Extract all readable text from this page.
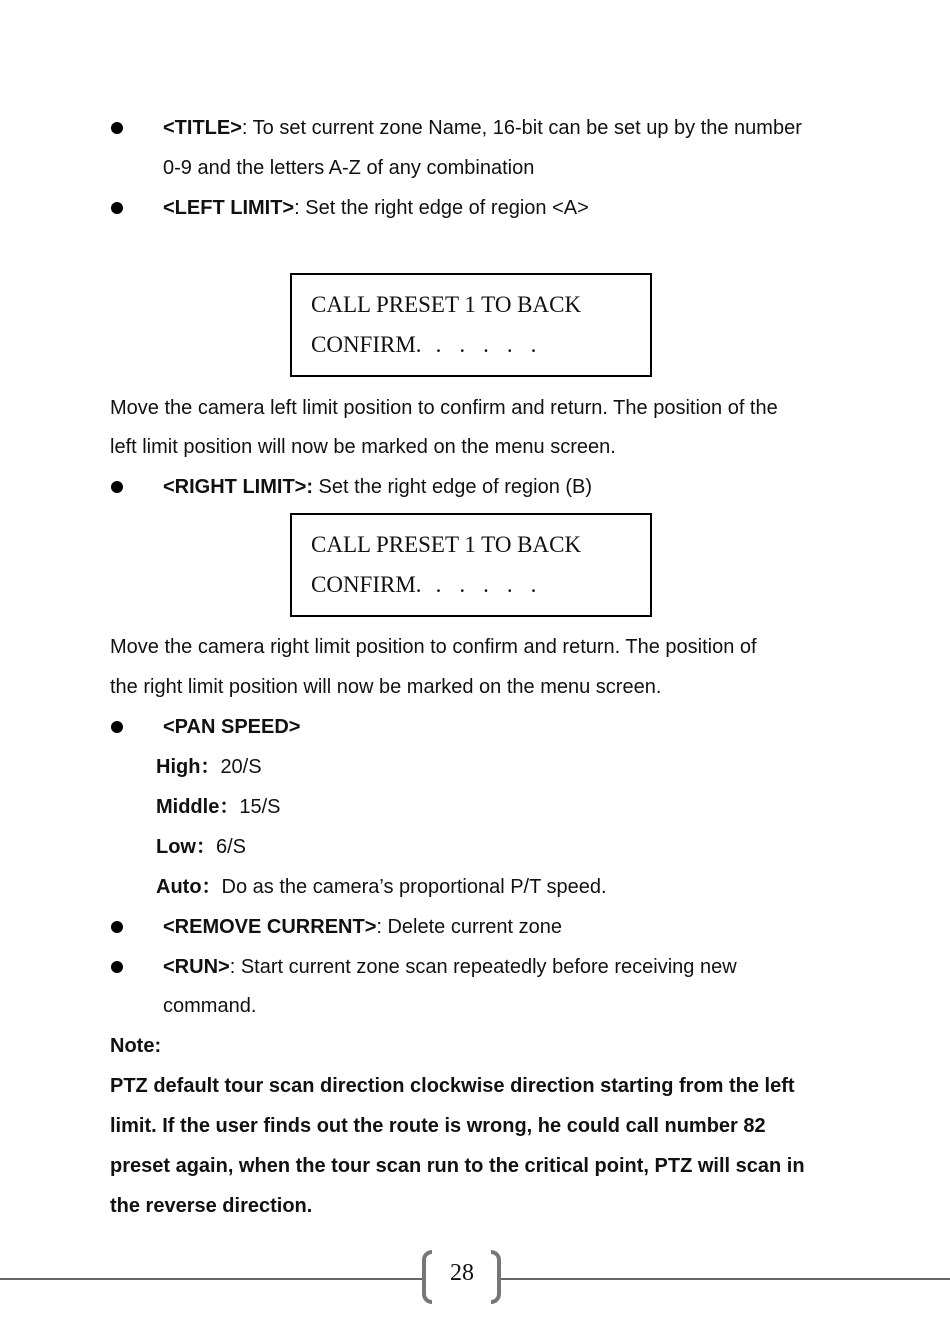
<TITLE>: To set current zone Name, 16-bit can be set up by the number
0-9 and the letters A-Z of any combination
<LEFT LIMIT>: Set the right edge of region <A>
CALL PRESET 1 TO BACK
CONFIRM. .....
Move the camera left limit position to confirm and return. The position of the
left limit position will now be marked on the menu screen.
<RIGHT LIMIT>: Set the right edge of region (B)
CALL PRESET 1 TO BACK
CONFIRM. .....
Move the camera right limit position to confirm and return. The position of
the right limit position will now be marked on the menu screen.
<PAN SPEED>
High：20/S
Middle：15/S
Low：6/S
Auto：Do as the camera’s proportional P/T speed.
<REMOVE CURRENT>: Delete current zone
<RUN>: Start current zone scan repeatedly before receiving new
command.
Note:
PTZ default tour scan direction clockwise direction starting from the left
limit. If the user finds out the route is wrong, he could call number 82
preset again, when the tour scan run to the critical point, PTZ will scan in
the reverse direction.
28
